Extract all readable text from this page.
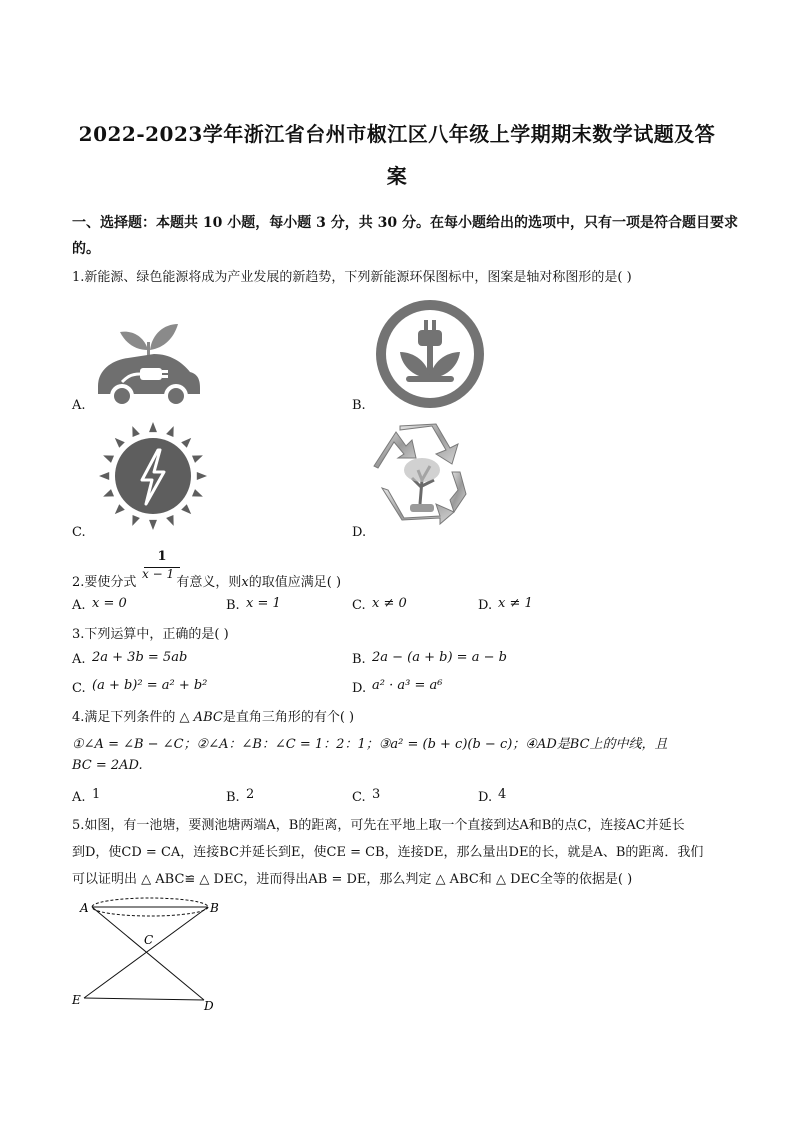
2022-2023学年浙江省台州市椒江区八年级上学期期末数学试题及答
案
一、选择题：本题共 10 小题，每小题 3 分，共 30 分。在每小题给出的选项中，只有一项是符合题目要求
的。
1.新能源、绿色能源将成为产业发展的新趋势，下列新能源环保图标中，图案是轴对称图形的是( )
A.	B.
C.	D.
2.要使分式	有意义，则x的取值应满足( )
1
x − 1
A. x = 0	B. x = 1	C. x ≠ 0	D. x ≠ 1
3.下列运算中，正确的是( )
A. 2a + 3b = 5ab	B. 2a − (a + b) = a − b
C. (a + b)² = a² + b²	D. a² · a³ = a⁶
4.满足下列条件的 △ ABC是直角三角形的有个( )
①∠A = ∠B − ∠C；②∠A：∠B：∠C = 1：2：1；③a² = (b + c)(b − c)；④AD是BC上的中线，且
BC = 2AD.
A. 1	B. 2	C. 3	D. 4
5.如图，有一池塘，要测池塘两端A，B的距离，可先在平地上取一个直接到达A和B的点C，连接AC并延长
到D，使CD = CA，连接BC并延长到E，使CE = CB，连接DE，那么量出DE的长，就是A、B的距离．我们
可以证明出 △ ABC≌ △ DEC，进而得出AB = DE，那么判定 △ ABC和 △ DEC全等的依据是( )
A	B
C
D
E
